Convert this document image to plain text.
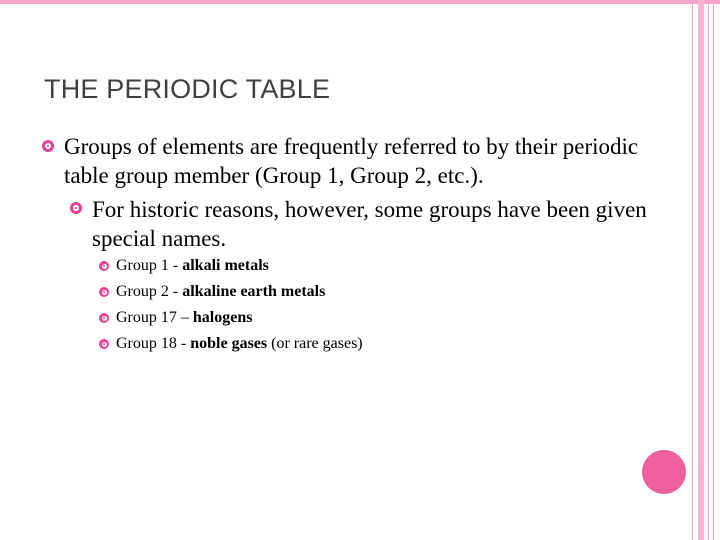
THE PERIODIC TABLE
Groups of elements are frequently referred to by their periodic table group member (Group 1, Group 2, etc.).
For historic reasons, however, some groups have been given special names.
Group 1 - alkali metals
Group 2 - alkaline earth metals
Group 17 – halogens
Group 18 - noble gases (or rare gases)
